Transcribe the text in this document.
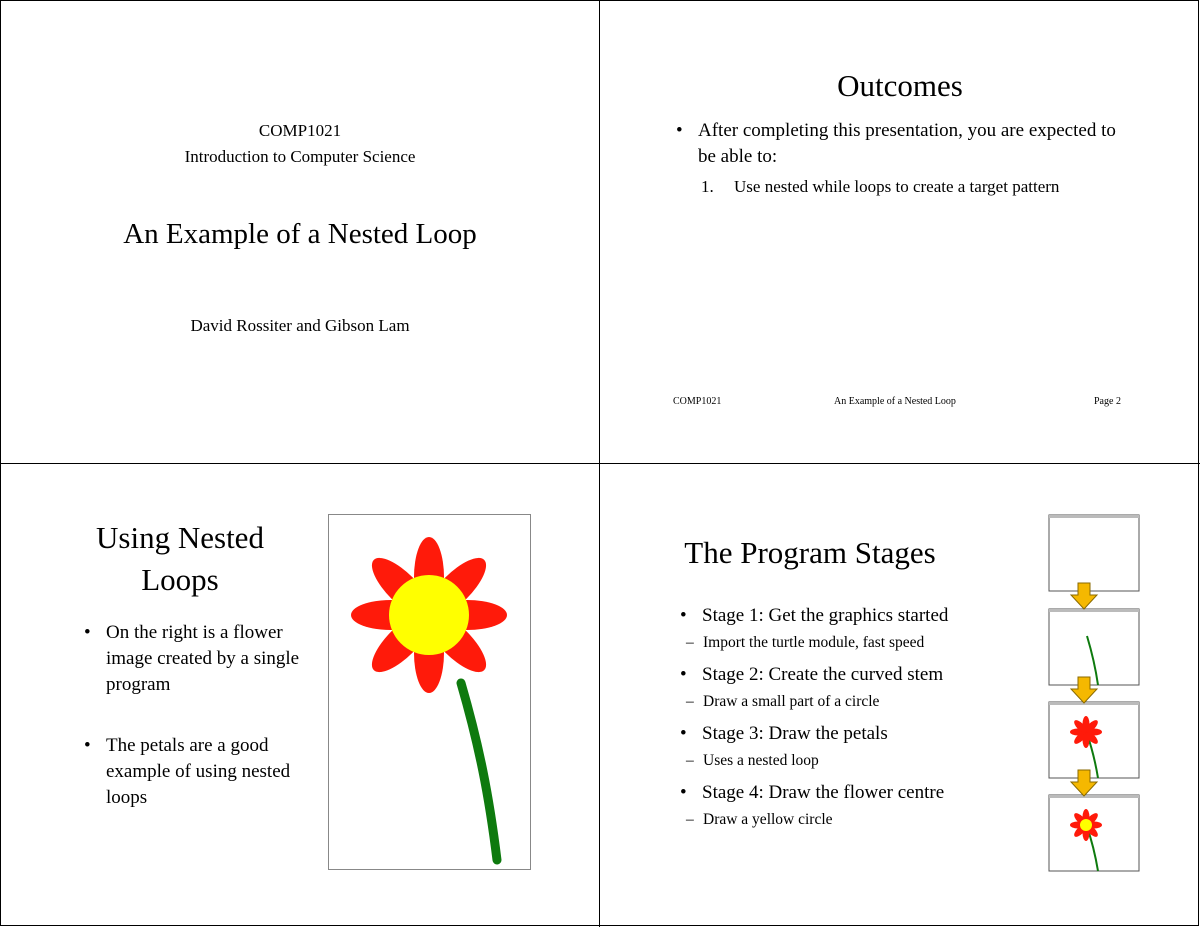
COMP1021
Introduction to Computer Science
An Example of a Nested Loop
David Rossiter and Gibson Lam
Outcomes
• After completing this presentation, you are expected to be able to:
1. Use nested while loops to create a target pattern
COMP1021	An Example of a Nested Loop	Page 2
Using Nested Loops
• On the right is a flower image created by a single program
• The petals are a good example of using nested loops
The Program Stages
• Stage 1: Get the graphics started
– Import the turtle module, fast speed
• Stage 2: Create the curved stem
– Draw a small part of a circle
• Stage 3: Draw the petals
– Uses a nested loop
• Stage 4: Draw the flower centre
– Draw a yellow circle
